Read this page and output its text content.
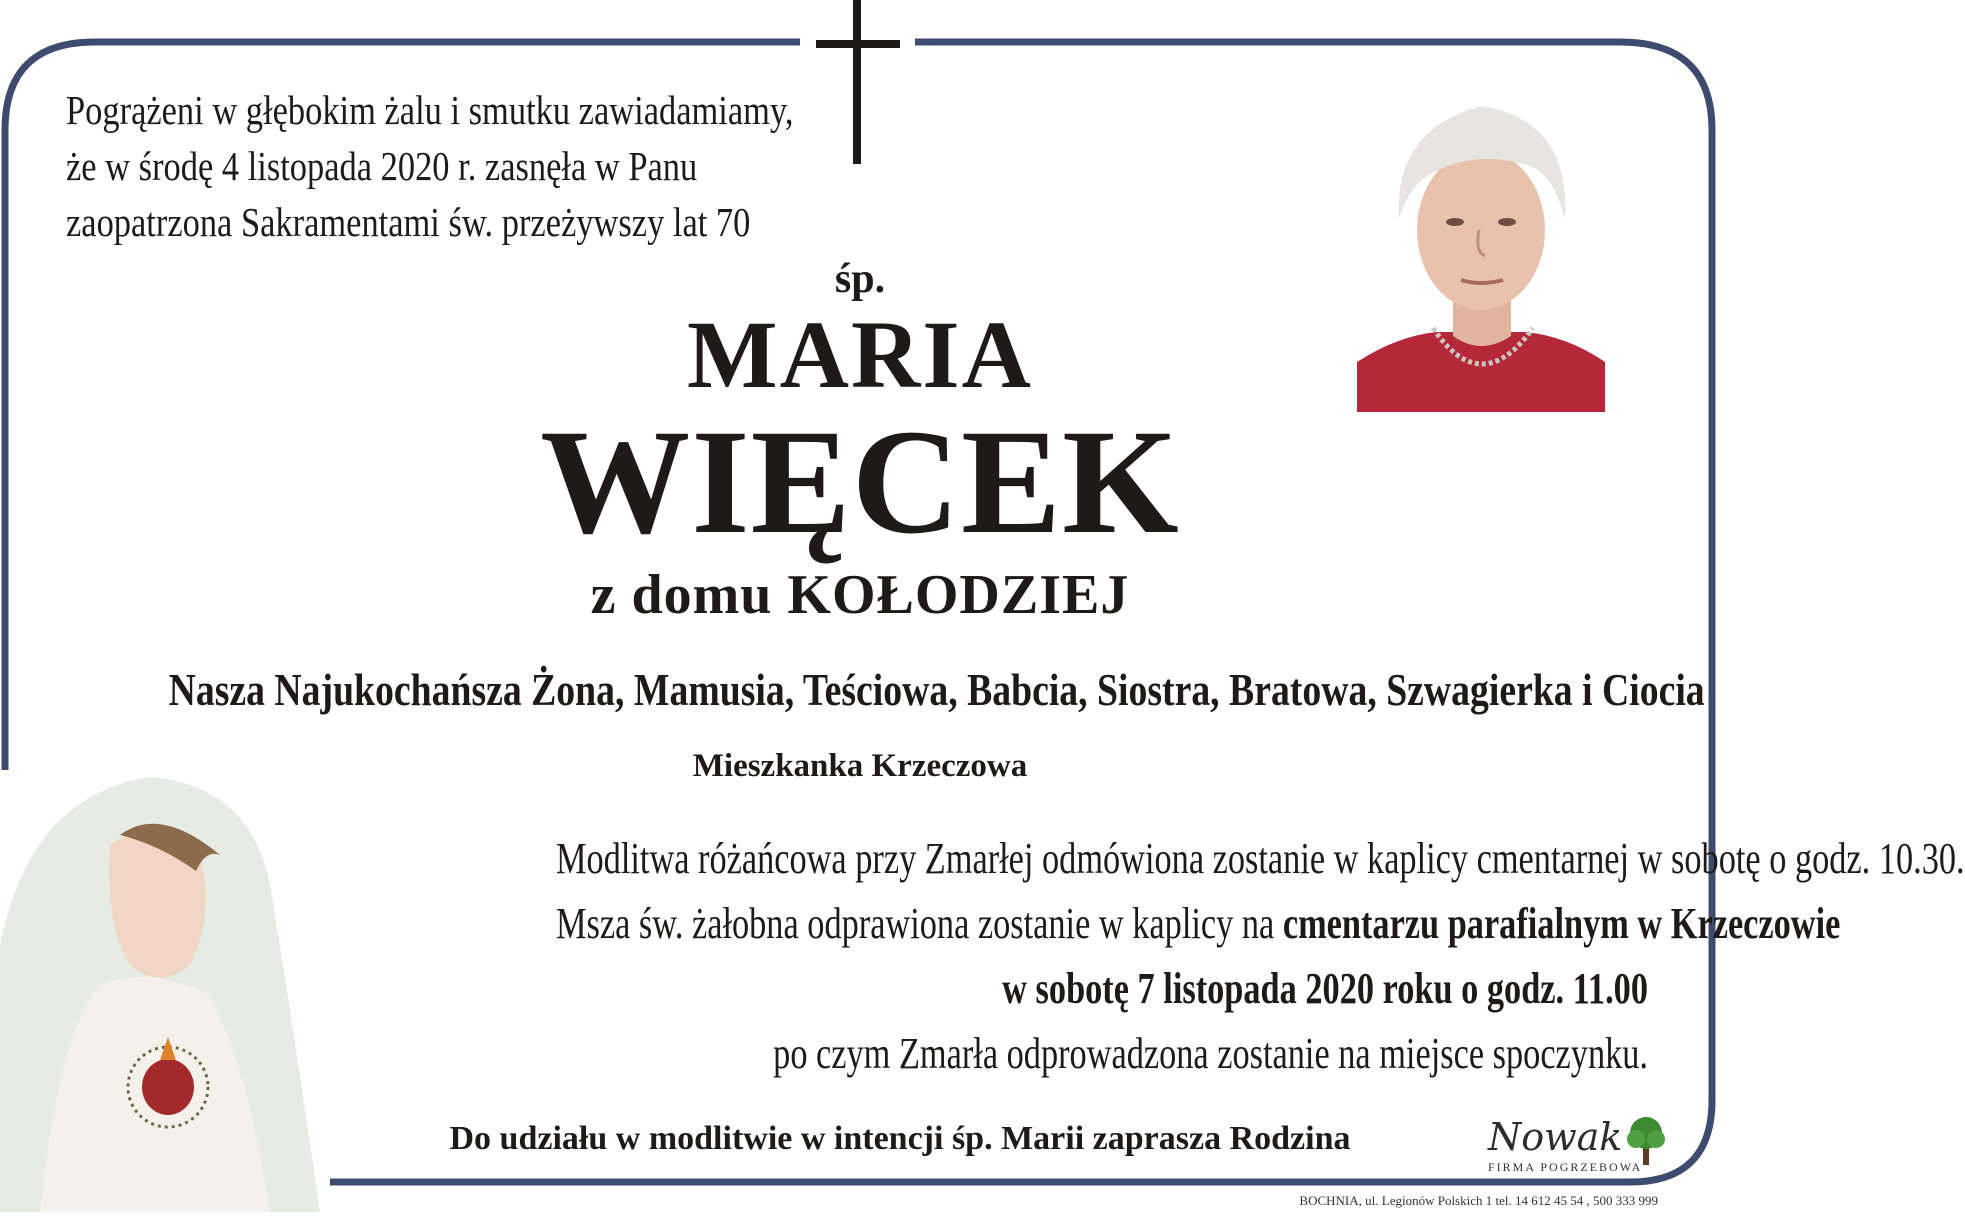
Pogrążeni w głębokim żalu i smutku zawiadamiamy,
że w środę 4 listopada 2020 r. zasnęła w Panu
zaopatrzona Sakramentami św. przeżywszy lat 70
śp.
MARIA
WIĘCEK
z domu KOŁODZIEJ
Nasza Najukochańsza Żona, Mamusia, Teściowa, Babcia, Siostra, Bratowa, Szwagierka i Ciocia
Mieszkanka Krzeczowa
Modlitwa różańcowa przy Zmarłej odmówiona zostanie w kaplicy cmentarnej w sobotę o godz. 10.30.
Msza św. żałobna odprawiona zostanie w kaplicy na cmentarzu parafialnym w Krzeczowie
w sobotę 7 listopada 2020 roku o godz. 11.00
po czym Zmarła odprowadzona zostanie na miejsce spoczynku.
Do udziału w modlitwie w intencji śp. Marii zaprasza Rodzina	Nowak
FIRMA POGRZEBOWA
BOCHNIA, ul. Legionów Polskich 1 tel. 14 612 45 54 , 500 333 999
